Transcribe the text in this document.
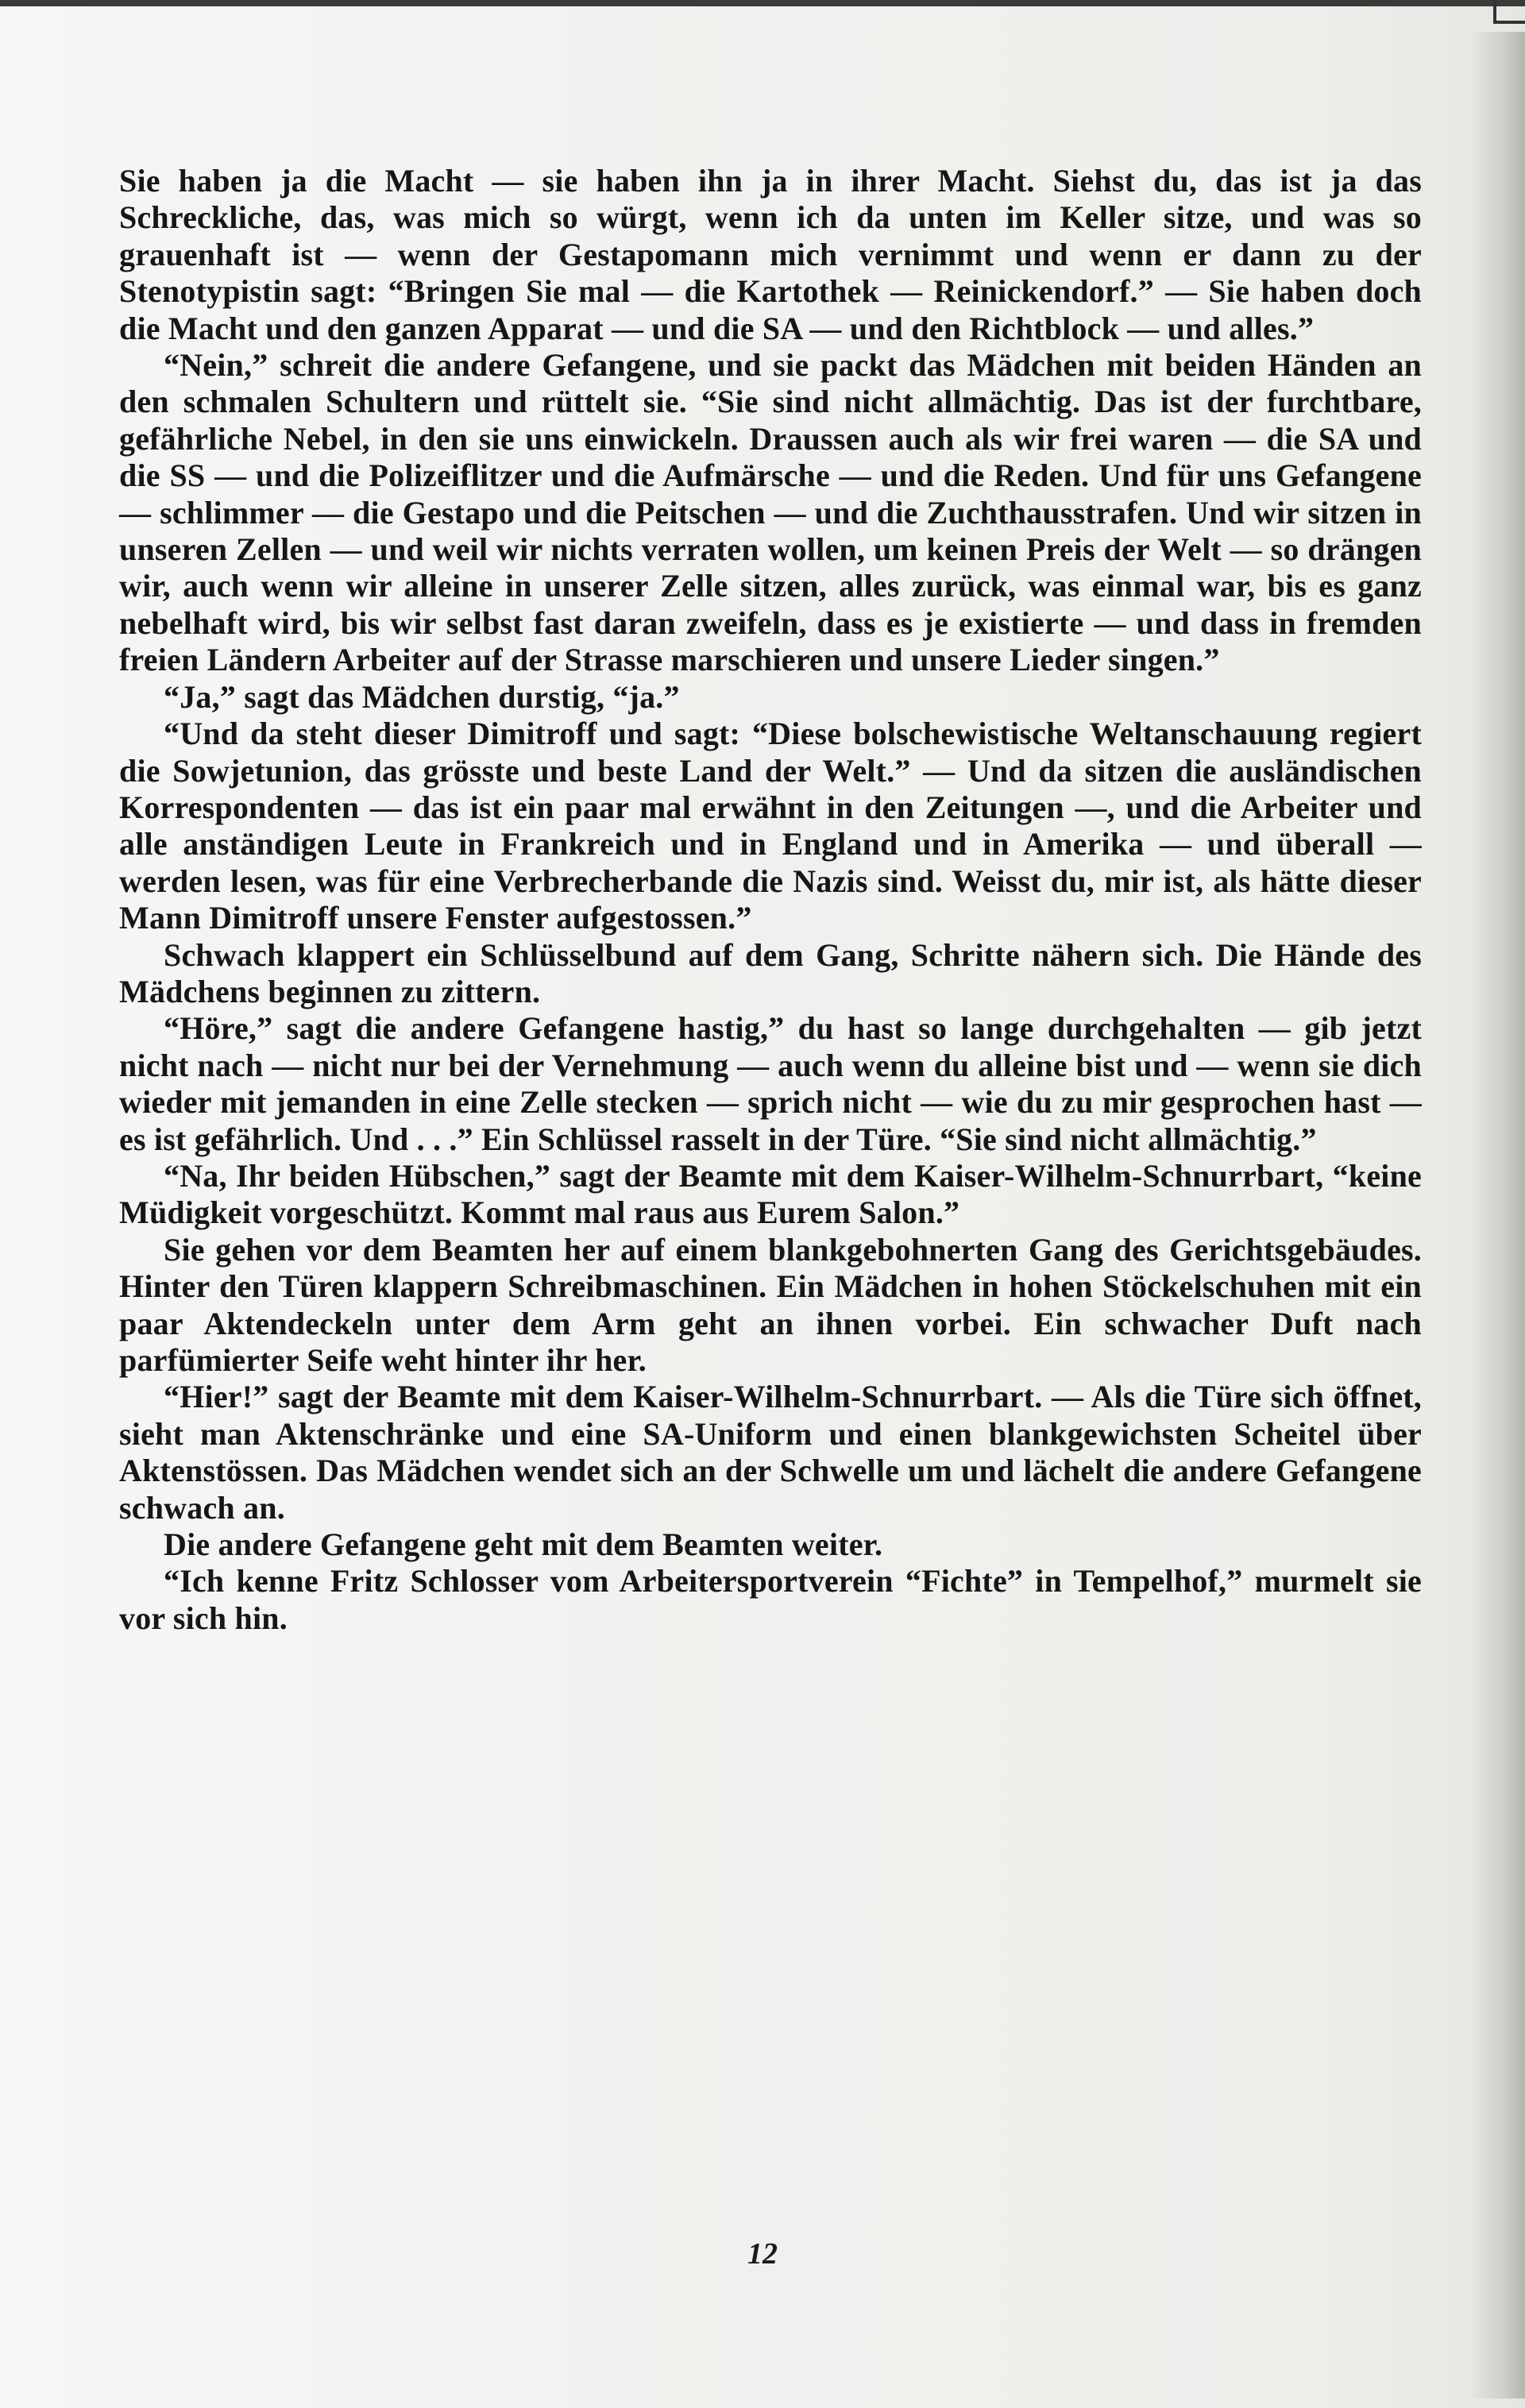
Sie haben ja die Macht — sie haben ihn ja in ihrer Macht. Siehst du, das ist ja das Schreckliche, das, was mich so würgt, wenn ich da unten im Keller sitze, und was so grauenhaft ist — wenn der Gestapomann mich vernimmt und wenn er dann zu der Stenotypistin sagt: “Bringen Sie mal — die Kartothek — Reinickendorf.” — Sie haben doch die Macht und den ganzen Apparat — und die SA — und den Richtblock — und alles.”

“Nein,” schreit die andere Gefangene, und sie packt das Mädchen mit beiden Händen an den schmalen Schultern und rüttelt sie. “Sie sind nicht allmächtig. Das ist der furchtbare, gefährliche Nebel, in den sie uns einwickeln. Draussen auch als wir frei waren — die SA und die SS — und die Polizeiflitzer und die Aufmärsche — und die Reden. Und für uns Gefangene — schlimmer — die Gestapo und die Peitschen — und die Zuchthausstrafen. Und wir sitzen in unseren Zellen — und weil wir nichts verraten wollen, um keinen Preis der Welt — so drängen wir, auch wenn wir alleine in unserer Zelle sitzen, alles zurück, was einmal war, bis es ganz nebelhaft wird, bis wir selbst fast daran zweifeln, dass es je existierte — und dass in fremden freien Ländern Arbeiter auf der Strasse marschieren und unsere Lieder singen.”

“Ja,” sagt das Mädchen durstig, “ja.”

“Und da steht dieser Dimitroff und sagt: “Diese bolschewistische Weltanschauung regiert die Sowjetunion, das grösste und beste Land der Welt.” — Und da sitzen die ausländischen Korrespondenten — das ist ein paar mal erwähnt in den Zeitungen —, und die Arbeiter und alle anständigen Leute in Frankreich und in England und in Amerika — und überall — werden lesen, was für eine Verbrecherbande die Nazis sind. Weisst du, mir ist, als hätte dieser Mann Dimitroff unsere Fenster aufgestossen.”

Schwach klappert ein Schlüsselbund auf dem Gang, Schritte nähern sich. Die Hände des Mädchens beginnen zu zittern.

“Höre,” sagt die andere Gefangene hastig,” du hast so lange durchgehalten — gib jetzt nicht nach — nicht nur bei der Vernehmung — auch wenn du alleine bist und — wenn sie dich wieder mit jemanden in eine Zelle stecken — sprich nicht — wie du zu mir gesprochen hast — es ist gefährlich. Und . . .” Ein Schlüssel rasselt in der Türe. “Sie sind nicht allmächtig.”

“Na, Ihr beiden Hübschen,” sagt der Beamte mit dem Kaiser-Wilhelm-Schnurrbart, “keine Müdigkeit vorgeschützt. Kommt mal raus aus Eurem Salon.”

Sie gehen vor dem Beamten her auf einem blankgebohnerten Gang des Gerichtsgebäudes. Hinter den Türen klappern Schreibmaschinen. Ein Mädchen in hohen Stöckelschuhen mit ein paar Aktendeckeln unter dem Arm geht an ihnen vorbei. Ein schwacher Duft nach parfümierter Seife weht hinter ihr her.

“Hier!” sagt der Beamte mit dem Kaiser-Wilhelm-Schnurrbart. — Als die Türe sich öffnet, sieht man Aktenschränke und eine SA-Uniform und einen blankgewichsten Scheitel über Aktenstössen. Das Mädchen wendet sich an der Schwelle um und lächelt die andere Gefangene schwach an.

Die andere Gefangene geht mit dem Beamten weiter.

“Ich kenne Fritz Schlosser vom Arbeitersportverein “Fichte” in Tempelhof,” murmelt sie vor sich hin.

12
